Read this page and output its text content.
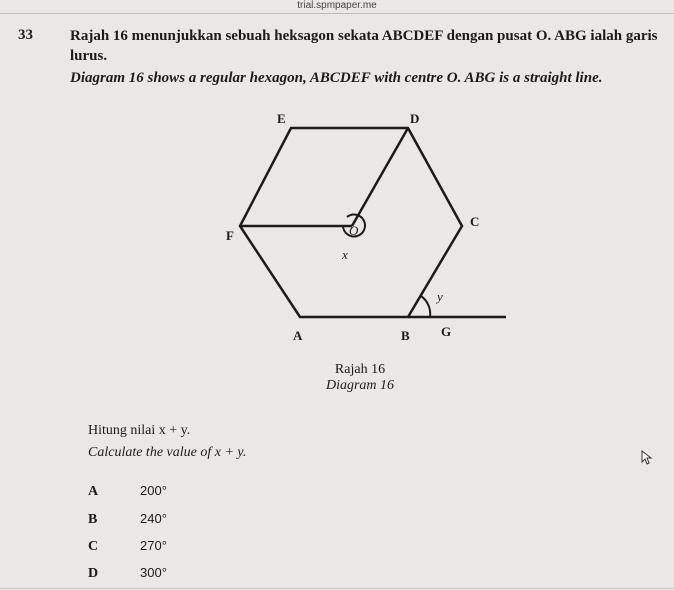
trial.spmpaper.me
33 Rajah 16 menunjukkan sebuah heksagon sekata ABCDEF dengan pusat O. ABG ialah garis
lurus.
Diagram 16 shows a regular hexagon, ABCDEF with centre O. ABG is a straight line.
E	D
F
C
O
x
y
A	B G
Rajah 16
Diagram 16
Hitung nilai x + y.
Calculate the value of x + y.
A	200°
B	240°
C	270°
D	300°
